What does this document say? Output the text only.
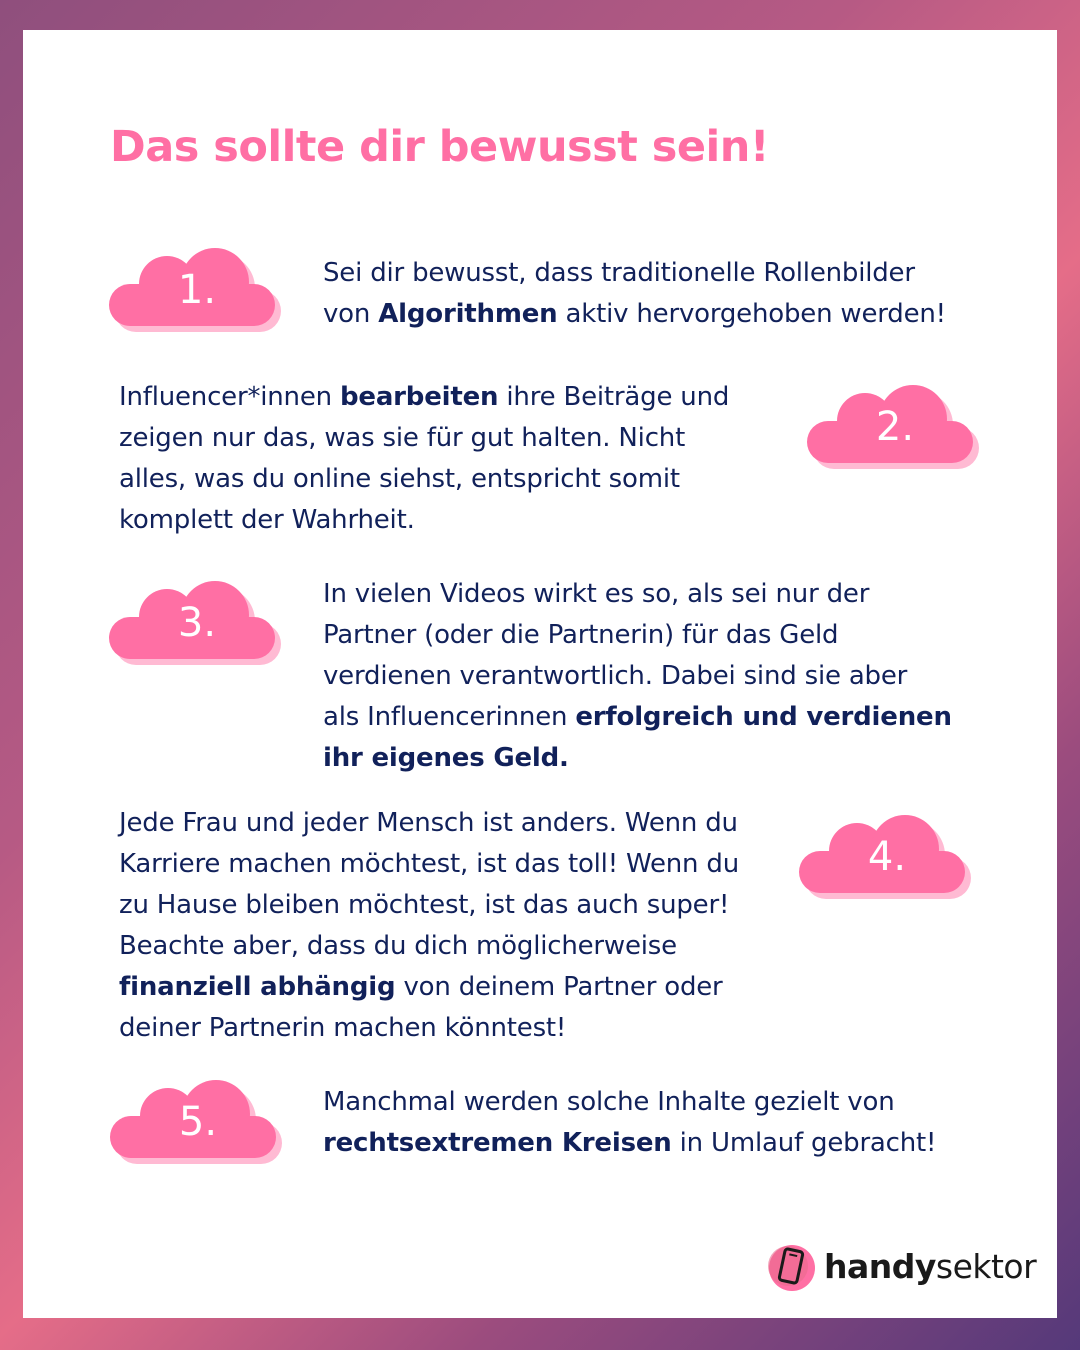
Das sollte dir bewusst sein!
1.
2.
3.
4.
5.

Sei dir bewusst, dass traditionelle Rollenbilder
von Algorithmen aktiv hervorgehoben werden!

Influencer*innen bearbeiten ihre Beiträge und
zeigen nur das, was sie für gut halten. Nicht
alles, was du online siehst, entspricht somit
komplett der Wahrheit.

In vielen Videos wirkt es so, als sei nur der
Partner (oder die Partnerin) für das Geld
verdienen verantwortlich. Dabei sind sie aber
als Influencerinnen erfolgreich und verdienen
ihr eigenes Geld.

Jede Frau und jeder Mensch ist anders. Wenn du
Karriere machen möchtest, ist das toll! Wenn du
zu Hause bleiben möchtest, ist das auch super!
Beachte aber, dass du dich möglicherweise
finanziell abhängig von deinem Partner oder
deiner Partnerin machen könntest!

Manchmal werden solche Inhalte gezielt von
rechtsextremen Kreisen in Umlauf gebracht!

handysektor
